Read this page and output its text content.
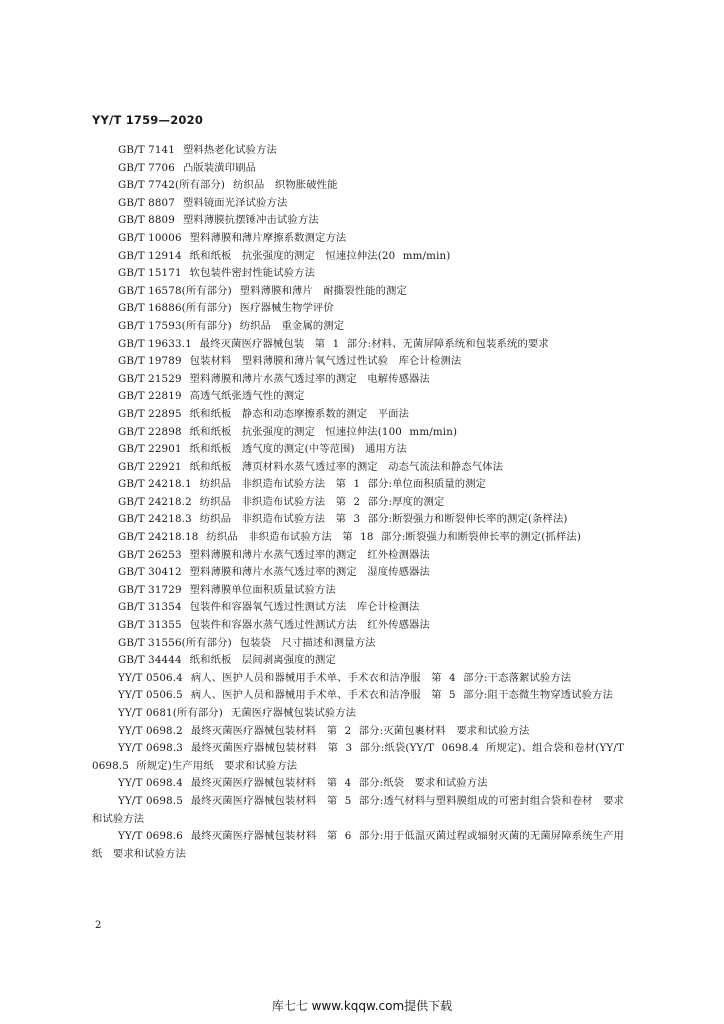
YY/T 1759—2020
GB/T 7141 塑料热老化试验方法
GB/T 7706 凸版装潢印刷品
GB/T 7742(所有部分) 纺织品　织物胀破性能
GB/T 8807 塑料镜面光泽试验方法
GB/T 8809 塑料薄膜抗摆锤冲击试验方法
GB/T 10006 塑料薄膜和薄片摩擦系数测定方法
GB/T 12914 纸和纸板　抗张强度的测定　恒速拉伸法(20 mm/min)
GB/T 15171 软包装件密封性能试验方法
GB/T 16578(所有部分) 塑料薄膜和薄片　耐撕裂性能的测定
GB/T 16886(所有部分) 医疗器械生物学评价
GB/T 17593(所有部分) 纺织品　重金属的测定
GB/T 19633.1 最终灭菌医疗器械包装　第 1 部分:材料、无菌屏障系统和包装系统的要求
GB/T 19789 包装材料　塑料薄膜和薄片氧气透过性试验　库仑计检测法
GB/T 21529 塑料薄膜和薄片水蒸气透过率的测定　电解传感器法
GB/T 22819 高透气纸张透气性的测定
GB/T 22895 纸和纸板　静态和动态摩擦系数的测定　平面法
GB/T 22898 纸和纸板　抗张强度的测定　恒速拉伸法(100 mm/min)
GB/T 22901 纸和纸板　透气度的测定(中等范围)　通用方法
GB/T 22921 纸和纸板　薄页材料水蒸气透过率的测定　动态气流法和静态气体法
GB/T 24218.1 纺织品　非织造布试验方法　第 1 部分:单位面积质量的测定
GB/T 24218.2 纺织品　非织造布试验方法　第 2 部分:厚度的测定
GB/T 24218.3 纺织品　非织造布试验方法　第 3 部分:断裂强力和断裂伸长率的测定(条样法)
GB/T 24218.18 纺织品　非织造布试验方法　第 18 部分:断裂强力和断裂伸长率的测定(抓样法)
GB/T 26253 塑料薄膜和薄片水蒸气透过率的测定　红外检测器法
GB/T 30412 塑料薄膜和薄片水蒸气透过率的测定　湿度传感器法
GB/T 31729 塑料薄膜单位面积质量试验方法
GB/T 31354 包装件和容器氧气透过性测试方法　库仑计检测法
GB/T 31355 包装件和容器水蒸气透过性测试方法　红外传感器法
GB/T 31556(所有部分) 包装袋　尺寸描述和测量方法
GB/T 34444 纸和纸板　层间剥离强度的测定
YY/T 0506.4 病人、医护人员和器械用手术单、手术衣和洁净服　第 4 部分:干态落絮试验方法
YY/T 0506.5 病人、医护人员和器械用手术单、手术衣和洁净服　第 5 部分:阻干态微生物穿透试验方法
YY/T 0681(所有部分) 无菌医疗器械包装试验方法
YY/T 0698.2 最终灭菌医疗器械包装材料　第 2 部分:灭菌包裹材料　要求和试验方法
YY/T 0698.3 最终灭菌医疗器械包装材料　第 3 部分:纸袋(YY/T 0698.4 所规定)、组合袋和卷材(YY/T 0698.5 所规定)生产用纸　要求和试验方法
YY/T 0698.4 最终灭菌医疗器械包装材料　第 4 部分:纸袋　要求和试验方法
YY/T 0698.5 最终灭菌医疗器械包装材料　第 5 部分:透气材料与塑料膜组成的可密封组合袋和卷材　要求和试验方法
YY/T 0698.6 最终灭菌医疗器械包装材料　第 6 部分:用于低温灭菌过程或辐射灭菌的无菌屏障系统生产用纸　要求和试验方法
2
库七七 www.kqqw.com提供下载
